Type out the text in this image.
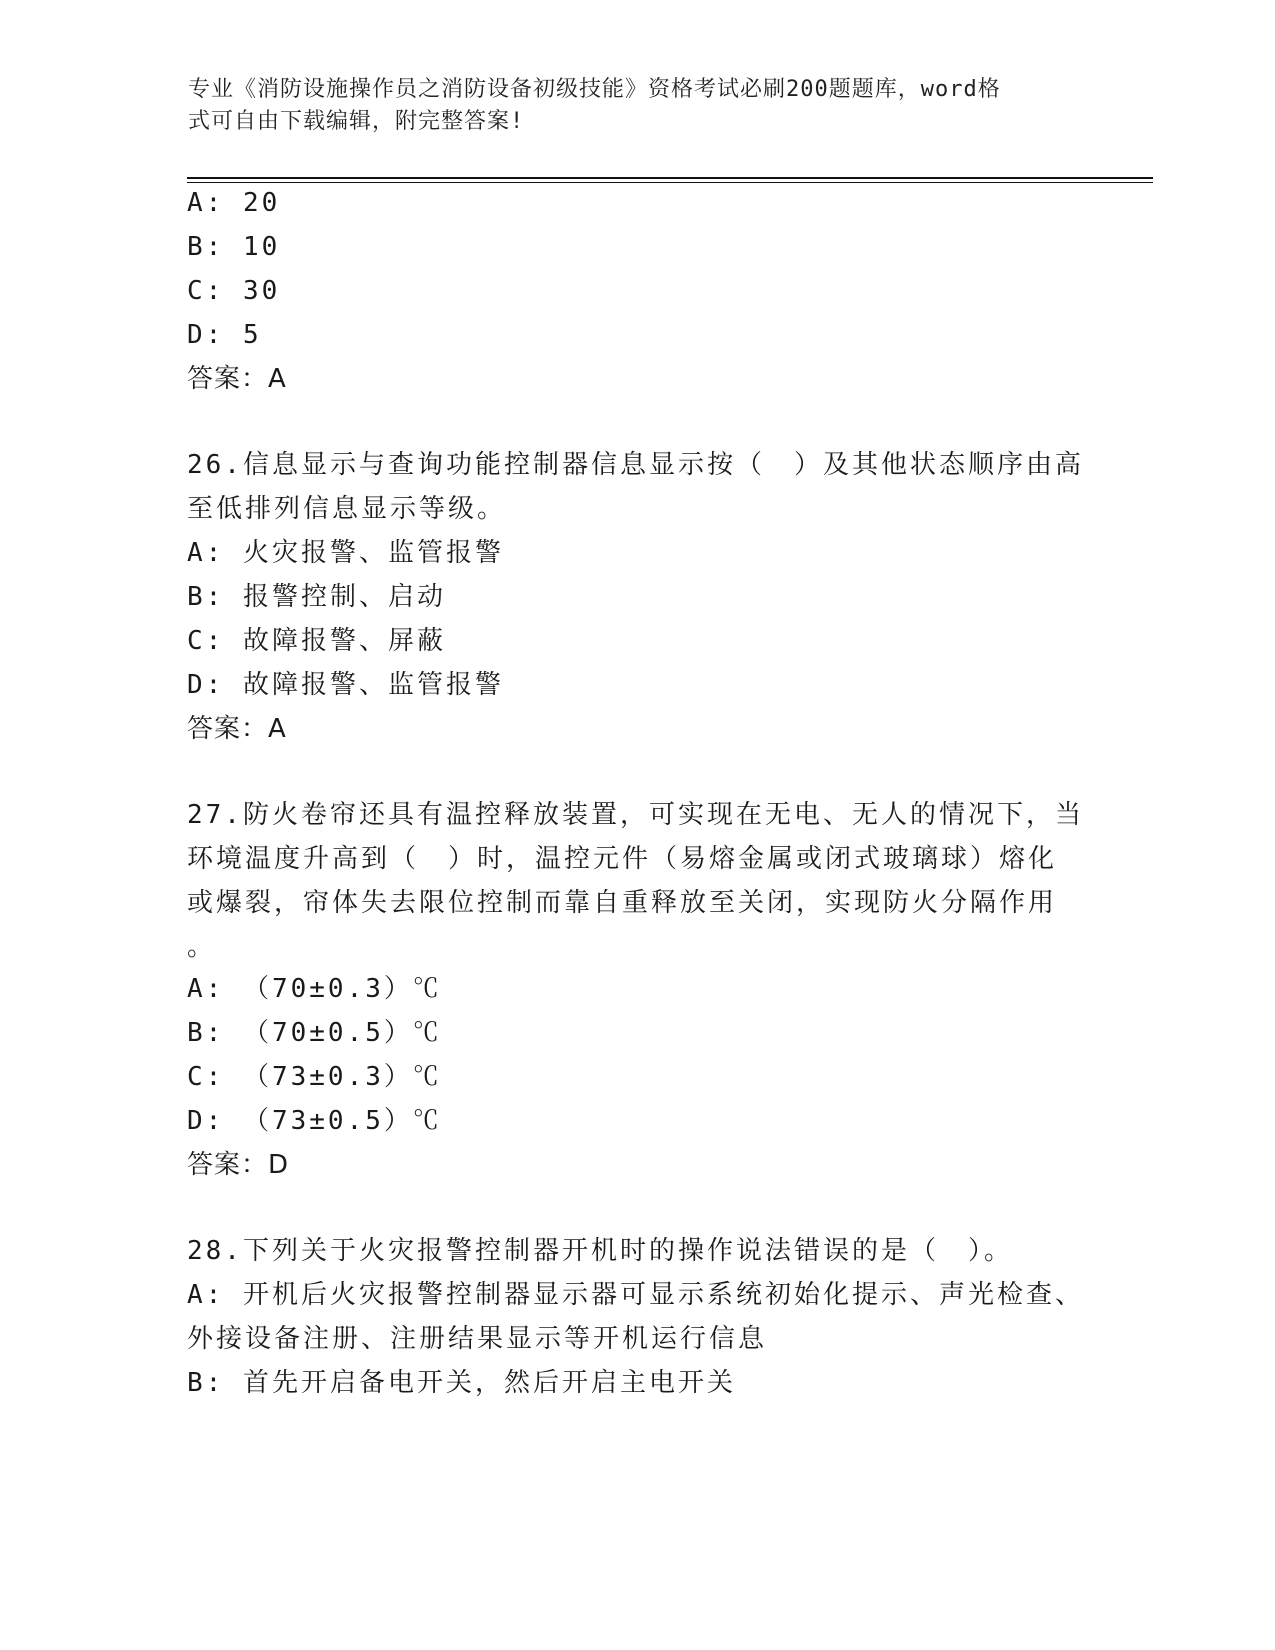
专业《消防设施操作员之消防设备初级技能》资格考试必刷200题题库，word格
式可自由下载编辑，附完整答案!
A: 20
B: 10
C: 30
D: 5
答案：A
26.信息显示与查询功能控制器信息显示按（　）及其他状态顺序由高
至低排列信息显示等级。
A: 火灾报警、监管报警
B: 报警控制、启动
C: 故障报警、屏蔽
D: 故障报警、监管报警
答案：A
27.防火卷帘还具有温控释放装置，可实现在无电、无人的情况下，当
环境温度升高到（　）时，温控元件（易熔金属或闭式玻璃球）熔化
或爆裂，帘体失去限位控制而靠自重释放至关闭，实现防火分隔作用
。
A: （70±0.3）℃
B: （70±0.5）℃
C: （73±0.3）℃
D: （73±0.5）℃
答案：D
28.下列关于火灾报警控制器开机时的操作说法错误的是（　）。
A: 开机后火灾报警控制器显示器可显示系统初始化提示、声光检查、
外接设备注册、注册结果显示等开机运行信息
B: 首先开启备电开关，然后开启主电开关
